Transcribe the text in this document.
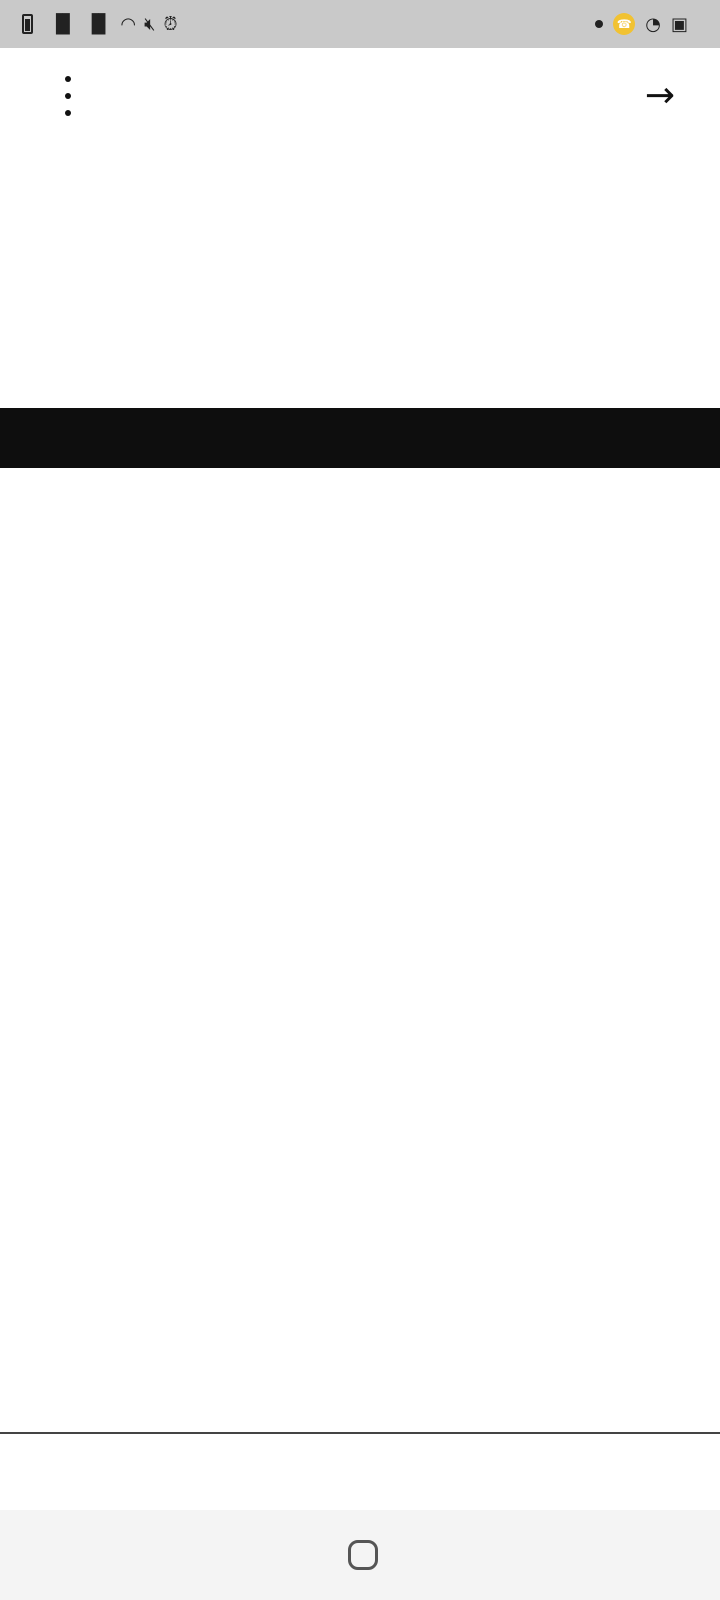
▐▌ ▐▌ ◠ 🔇︎ ⏰︎	☎︎ ◔ ▣
→
